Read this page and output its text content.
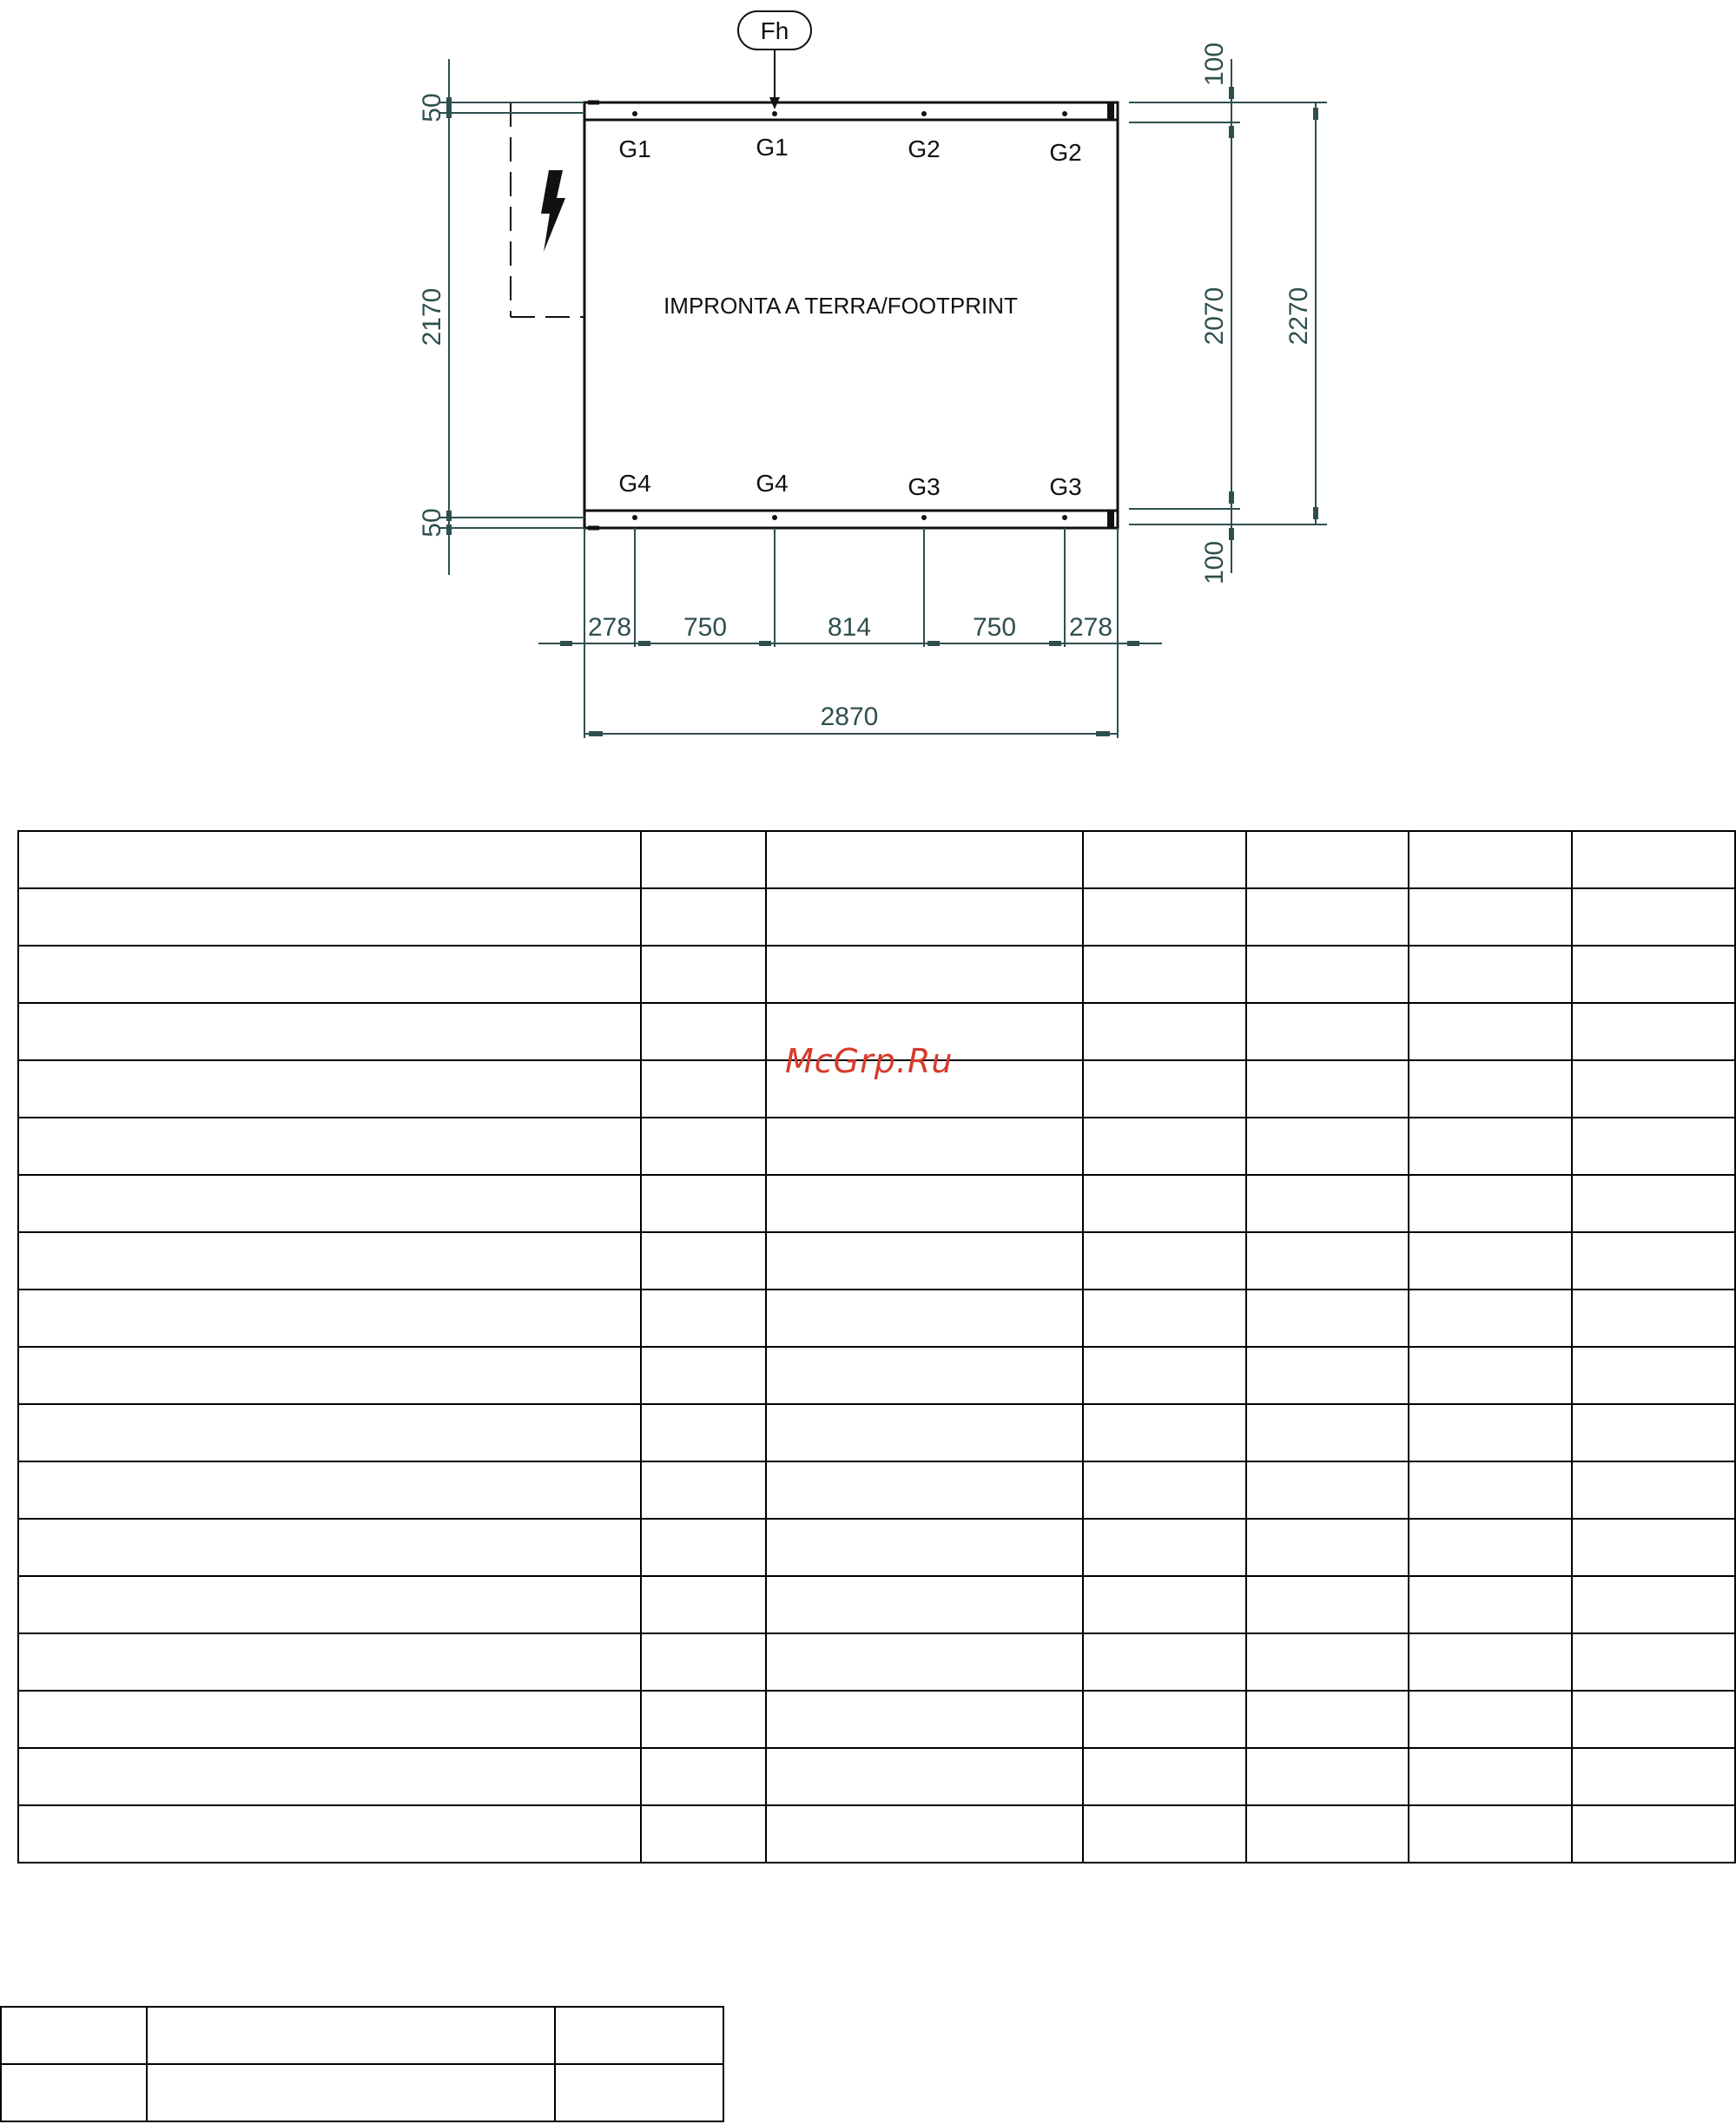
Fh
IMPRONTA A TERRA/FOOTPRINT
G1	G1	G2	G2
G4	G4	G3	G3
50
2170
50
100
2070 2270
100
278 750	814	750 278
2870

McGrp.Ru
